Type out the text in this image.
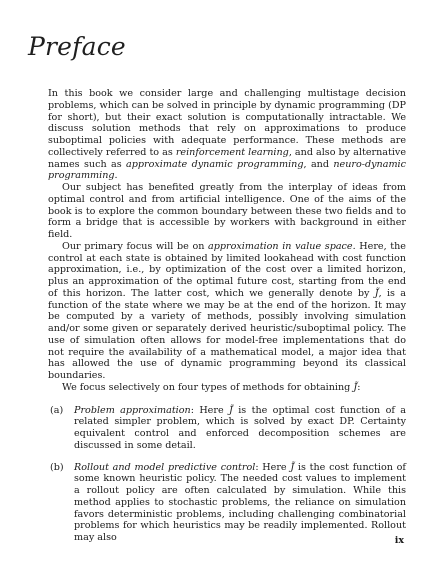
Preface

In this book we consider large and challenging multistage decision problems, which can be solved in principle by dynamic programming (DP for short), but their exact solution is computationally intractable. We discuss solution methods that rely on approximations to produce suboptimal policies with adequate performance. These methods are collectively referred to as reinforcement learning, and also by alternative names such as approximate dynamic programming, and neuro-dynamic programming.

Our subject has benefited greatly from the interplay of ideas from optimal control and from artificial intelligence. One of the aims of the book is to explore the common boundary between these two fields and to form a bridge that is accessible by workers with background in either field.

Our primary focus will be on approximation in value space. Here, the control at each state is obtained by limited lookahead with cost function approximation, i.e., by optimization of the cost over a limited horizon, plus an approximation of the optimal future cost, starting from the end of this horizon. The latter cost, which we generally denote by J̃, is a function of the state where we may be at the end of the horizon. It may be computed by a variety of methods, possibly involving simulation and/or some given or separately derived heuristic/suboptimal policy. The use of simulation often allows for model-free implementations that do not require the availability of a mathematical model, a major idea that has allowed the use of dynamic programming beyond its classical boundaries.

We focus selectively on four types of methods for obtaining J̃:

(a)	Problem approximation: Here J̃ is the optimal cost function of a related simpler problem, which is solved by exact DP. Certainty equivalent control and enforced decomposition schemes are discussed in some detail.
(b)	Rollout and model predictive control: Here J̃ is the cost function of some known heuristic policy. The needed cost values to implement a rollout policy are often calculated by simulation. While this method applies to stochastic problems, the reliance on simulation favors deterministic problems, including challenging combinatorial problems for which heuristics may be readily implemented. Rollout may also	ix
